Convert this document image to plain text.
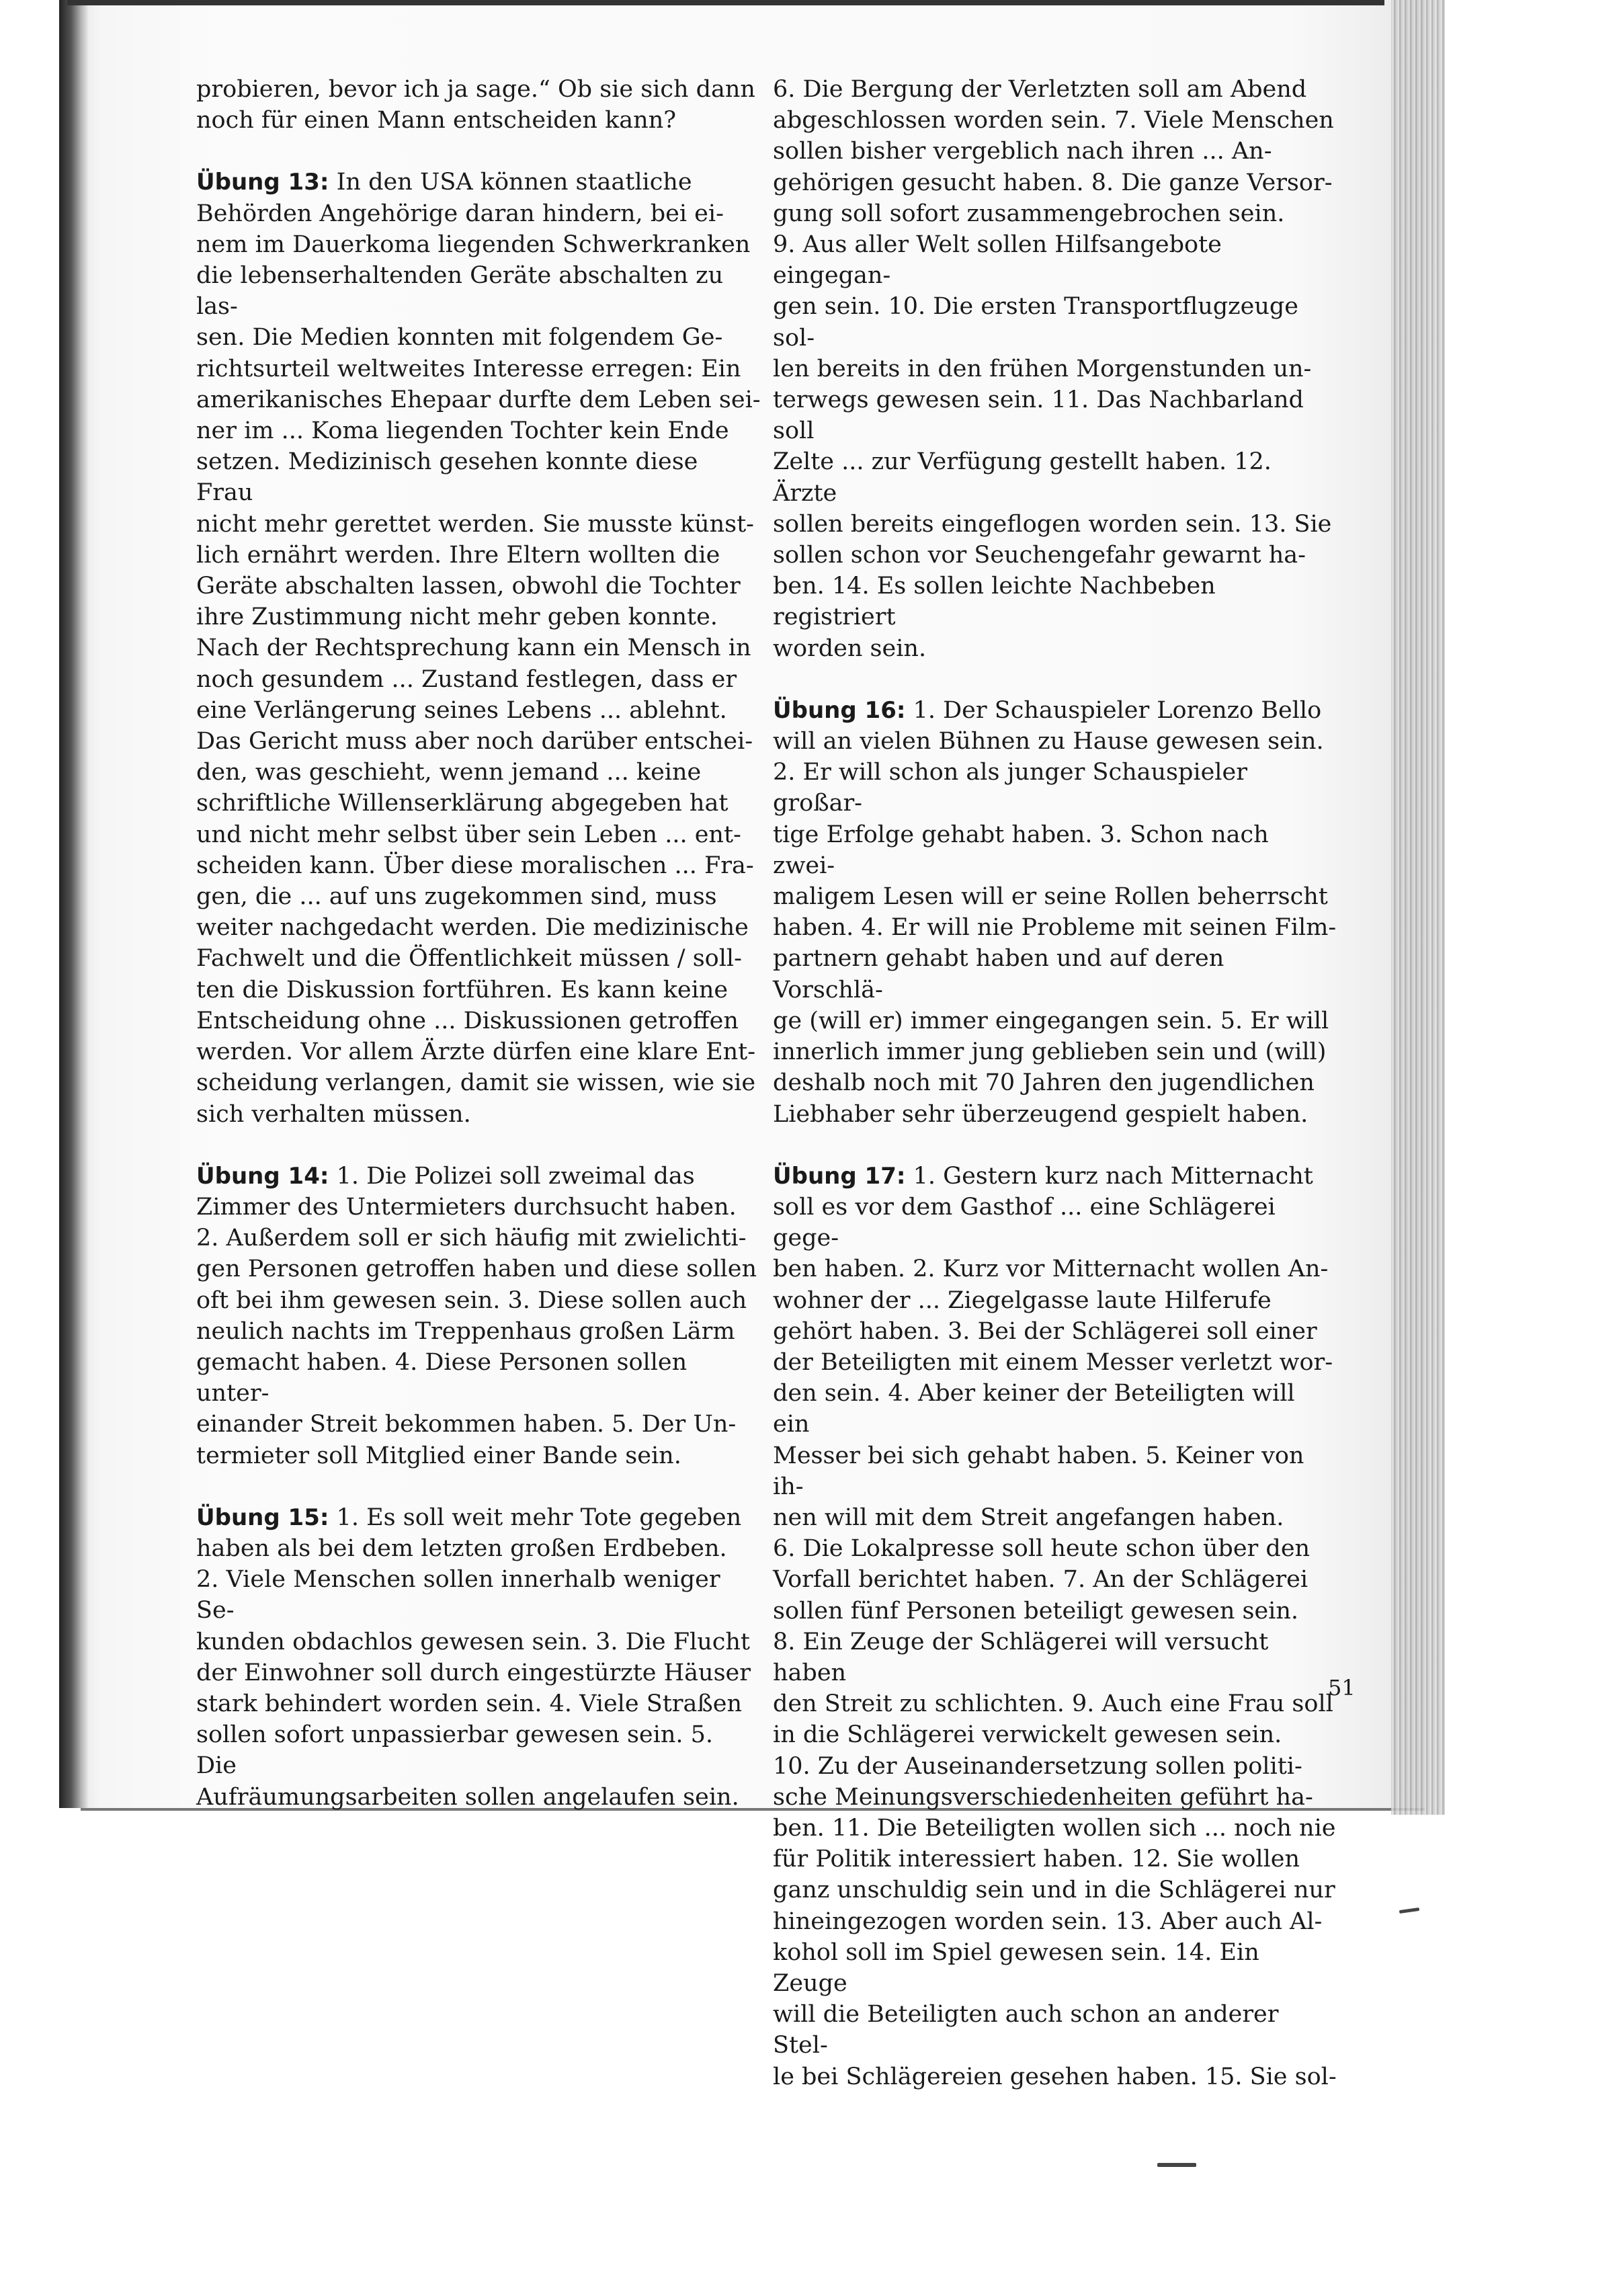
probieren, bevor ich ja sage.“ Ob sie sich dann
noch für einen Mann entscheiden kann?

Übung 13: In den USA können staatliche
Behörden Angehörige daran hindern, bei ei-
nem im Dauerkoma liegenden Schwerkranken
die lebenserhaltenden Geräte abschalten zu las-
sen. Die Medien konnten mit folgendem Ge-
richtsurteil weltweites Interesse erregen: Ein
amerikanisches Ehepaar durfte dem Leben sei-
ner im ... Koma liegenden Tochter kein Ende
setzen. Medizinisch gesehen konnte diese Frau
nicht mehr gerettet werden. Sie musste künst-
lich ernährt werden. Ihre Eltern wollten die
Geräte abschalten lassen, obwohl die Tochter
ihre Zustimmung nicht mehr geben konnte.
Nach der Rechtsprechung kann ein Mensch in
noch gesundem ... Zustand festlegen, dass er
eine Verlängerung seines Lebens ... ablehnt.
Das Gericht muss aber noch darüber entschei-
den, was geschieht, wenn jemand ... keine
schriftliche Willenserklärung abgegeben hat
und nicht mehr selbst über sein Leben ... ent-
scheiden kann. Über diese moralischen ... Fra-
gen, die ... auf uns zugekommen sind, muss
weiter nachgedacht werden. Die medizinische
Fachwelt und die Öffentlichkeit müssen / soll-
ten die Diskussion fortführen. Es kann keine
Entscheidung ohne ... Diskussionen getroffen
werden. Vor allem Ärzte dürfen eine klare Ent-
scheidung verlangen, damit sie wissen, wie sie
sich verhalten müssen.

Übung 14: 1. Die Polizei soll zweimal das
Zimmer des Untermieters durchsucht haben.
2. Außerdem soll er sich häufig mit zwielichti-
gen Personen getroffen haben und diese sollen
oft bei ihm gewesen sein. 3. Diese sollen auch
neulich nachts im Treppenhaus großen Lärm
gemacht haben. 4. Diese Personen sollen unter-
einander Streit bekommen haben. 5. Der Un-
termieter soll Mitglied einer Bande sein.

Übung 15: 1. Es soll weit mehr Tote gegeben
haben als bei dem letzten großen Erdbeben.
2. Viele Menschen sollen innerhalb weniger Se-
kunden obdachlos gewesen sein. 3. Die Flucht
der Einwohner soll durch eingestürzte Häuser
stark behindert worden sein. 4. Viele Straßen
sollen sofort unpassierbar gewesen sein. 5. Die
Aufräumungsarbeiten sollen angelaufen sein.

6. Die Bergung der Verletzten soll am Abend
abgeschlossen worden sein. 7. Viele Menschen
sollen bisher vergeblich nach ihren ... An-
gehörigen gesucht haben. 8. Die ganze Versor-
gung soll sofort zusammengebrochen sein.
9. Aus aller Welt sollen Hilfsangebote eingegan-
gen sein. 10. Die ersten Transportflugzeuge sol-
len bereits in den frühen Morgenstunden un-
terwegs gewesen sein. 11. Das Nachbarland soll
Zelte ... zur Verfügung gestellt haben. 12. Ärzte
sollen bereits eingeflogen worden sein. 13. Sie
sollen schon vor Seuchengefahr gewarnt ha-
ben. 14. Es sollen leichte Nachbeben registriert
worden sein.

Übung 16: 1. Der Schauspieler Lorenzo Bello
will an vielen Bühnen zu Hause gewesen sein.
2. Er will schon als junger Schauspieler großar-
tige Erfolge gehabt haben. 3. Schon nach zwei-
maligem Lesen will er seine Rollen beherrscht
haben. 4. Er will nie Probleme mit seinen Film-
partnern gehabt haben und auf deren Vorschlä-
ge (will er) immer eingegangen sein. 5. Er will
innerlich immer jung geblieben sein und (will)
deshalb noch mit 70 Jahren den jugendlichen
Liebhaber sehr überzeugend gespielt haben.

Übung 17: 1. Gestern kurz nach Mitternacht
soll es vor dem Gasthof ... eine Schlägerei gege-
ben haben. 2. Kurz vor Mitternacht wollen An-
wohner der ... Ziegelgasse laute Hilferufe
gehört haben. 3. Bei der Schlägerei soll einer
der Beteiligten mit einem Messer verletzt wor-
den sein. 4. Aber keiner der Beteiligten will ein
Messer bei sich gehabt haben. 5. Keiner von ih-
nen will mit dem Streit angefangen haben.
6. Die Lokalpresse soll heute schon über den
Vorfall berichtet haben. 7. An der Schlägerei
sollen fünf Personen beteiligt gewesen sein.
8. Ein Zeuge der Schlägerei will versucht haben
den Streit zu schlichten. 9. Auch eine Frau soll
in die Schlägerei verwickelt gewesen sein.
10. Zu der Auseinandersetzung sollen politi-
sche Meinungsverschiedenheiten geführt ha-
ben. 11. Die Beteiligten wollen sich ... noch nie
für Politik interessiert haben. 12. Sie wollen
ganz unschuldig sein und in die Schlägerei nur
hineingezogen worden sein. 13. Aber auch Al-
kohol soll im Spiel gewesen sein. 14. Ein Zeuge
will die Beteiligten auch schon an anderer Stel-
le bei Schlägereien gesehen haben. 15. Sie sol-

51
